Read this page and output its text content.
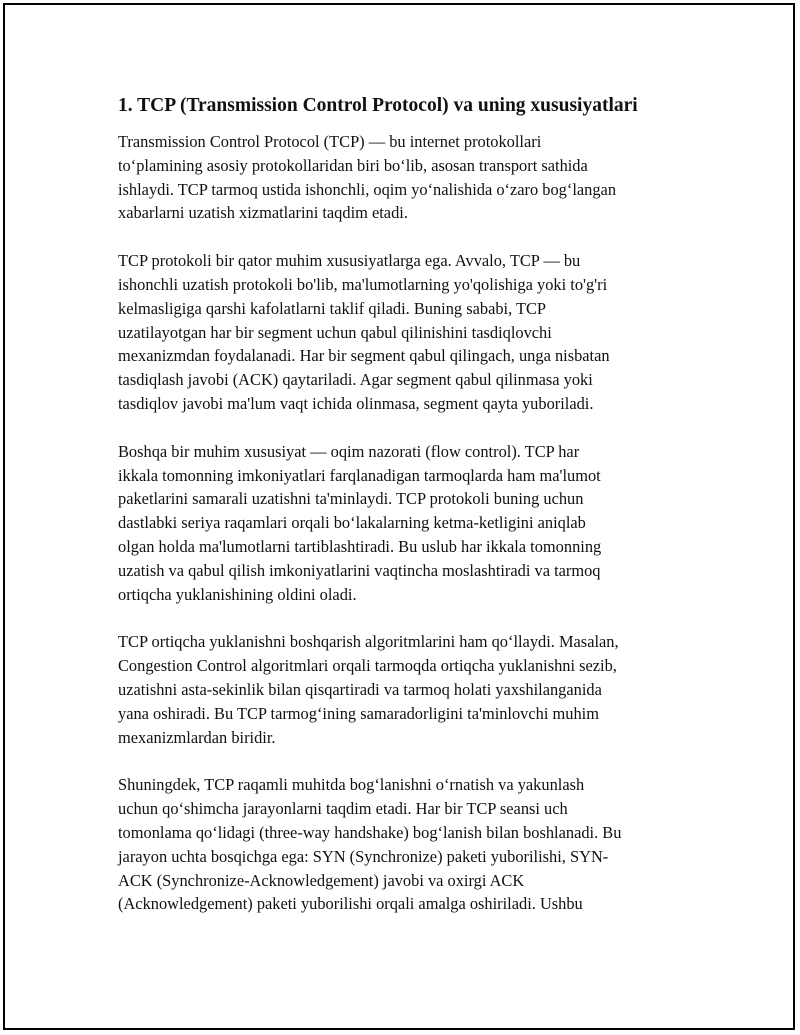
1. TCP (Transmission Control Protocol) va uning xususiyatlari
Transmission Control Protocol (TCP) — bu internet protokollari
to‘plamining asosiy protokollaridan biri bo‘lib, asosan transport sathida
ishlaydi. TCP tarmoq ustida ishonchli, oqim yo‘nalishida o‘zaro bog‘langan
xabarlarni uzatish xizmatlarini taqdim etadi.
TCP protokoli bir qator muhim xususiyatlarga ega. Avvalo, TCP — bu
ishonchli uzatish protokoli bo'lib, ma'lumotlarning yo'qolishiga yoki to'g'ri
kelmasligiga qarshi kafolatlarni taklif qiladi. Buning sababi, TCP
uzatilayotgan har bir segment uchun qabul qilinishini tasdiqlovchi
mexanizmdan foydalanadi. Har bir segment qabul qilingach, unga nisbatan
tasdiqlash javobi (ACK) qaytariladi. Agar segment qabul qilinmasa yoki
tasdiqlov javobi ma'lum vaqt ichida olinmasa, segment qayta yuboriladi.
Boshqa bir muhim xususiyat — oqim nazorati (flow control). TCP har
ikkala tomonning imkoniyatlari farqlanadigan tarmoqlarda ham ma'lumot
paketlarini samarali uzatishni ta'minlaydi. TCP protokoli buning uchun
dastlabki seriya raqamlari orqali bo‘lakalarning ketma-ketligini aniqlab
olgan holda ma'lumotlarni tartiblashtiradi. Bu uslub har ikkala tomonning
uzatish va qabul qilish imkoniyatlarini vaqtincha moslashtiradi va tarmoq
ortiqcha yuklanishining oldini oladi.
TCP ortiqcha yuklanishni boshqarish algoritmlarini ham qo‘llaydi. Masalan,
Congestion Control algoritmlari orqali tarmoqda ortiqcha yuklanishni sezib,
uzatishni asta-sekinlik bilan qisqartiradi va tarmoq holati yaxshilanganida
yana oshiradi. Bu TCP tarmog‘ining samaradorligini ta'minlovchi muhim
mexanizmlardan biridir.
Shuningdek, TCP raqamli muhitda bog‘lanishni o‘rnatish va yakunlash
uchun qo‘shimcha jarayonlarni taqdim etadi. Har bir TCP seansi uch
tomonlama qo‘lidagi (three-way handshake) bog‘lanish bilan boshlanadi. Bu
jarayon uchta bosqichga ega: SYN (Synchronize) paketi yuborilishi, SYN-
ACK (Synchronize-Acknowledgement) javobi va oxirgi ACK
(Acknowledgement) paketi yuborilishi orqali amalga oshiriladi. Ushbu
